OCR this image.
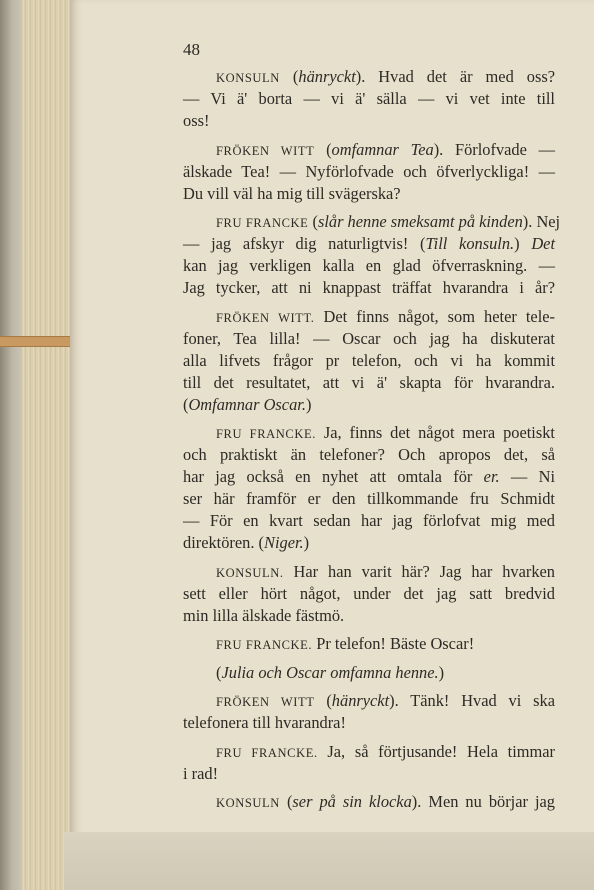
48
KONSULN (hänryckt). Hvad det är med oss?
— Vi ä' borta — vi ä' sälla — vi vet inte till
oss!
FRÖKEN WITT (omfamnar Tea). Förlofvade —
älskade Tea! — Nyförlofvade och öfverlyckliga! —
Du vill väl ha mig till svägerska?
FRU FRANCKE (slår henne smeksamt på kinden). Nej
— jag afskyr dig naturligtvis! (Till konsuln.) Det
kan jag verkligen kalla en glad öfverraskning. —
Jag tycker, att ni knappast träffat hvarandra i år?
FRÖKEN WITT. Det finns något, som heter tele-
foner, Tea lilla! — Oscar och jag ha diskuterat
alla lifvets frågor pr telefon, och vi ha kommit
till det resultatet, att vi ä' skapta för hvarandra.
(Omfamnar Oscar.)
FRU FRANCKE. Ja, finns det något mera poetiskt
och praktiskt än telefoner? Och apropos det, så
har jag också en nyhet att omtala för er. — Ni
ser här framför er den tillkommande fru Schmidt
— För en kvart sedan har jag förlofvat mig med
direktören. (Niger.)
KONSULN. Har han varit här? Jag har hvarken
sett eller hört något, under det jag satt bredvid
min lilla älskade fästmö.
FRU FRANCKE. Pr telefon! Bäste Oscar!
(Julia och Oscar omfamna henne.)
FRÖKEN WITT (hänryckt). Tänk! Hvad vi ska
telefonera till hvarandra!
FRU FRANCKE. Ja, så förtjusande! Hela timmar
i rad!
KONSULN (ser på sin klocka). Men nu börjar jag
